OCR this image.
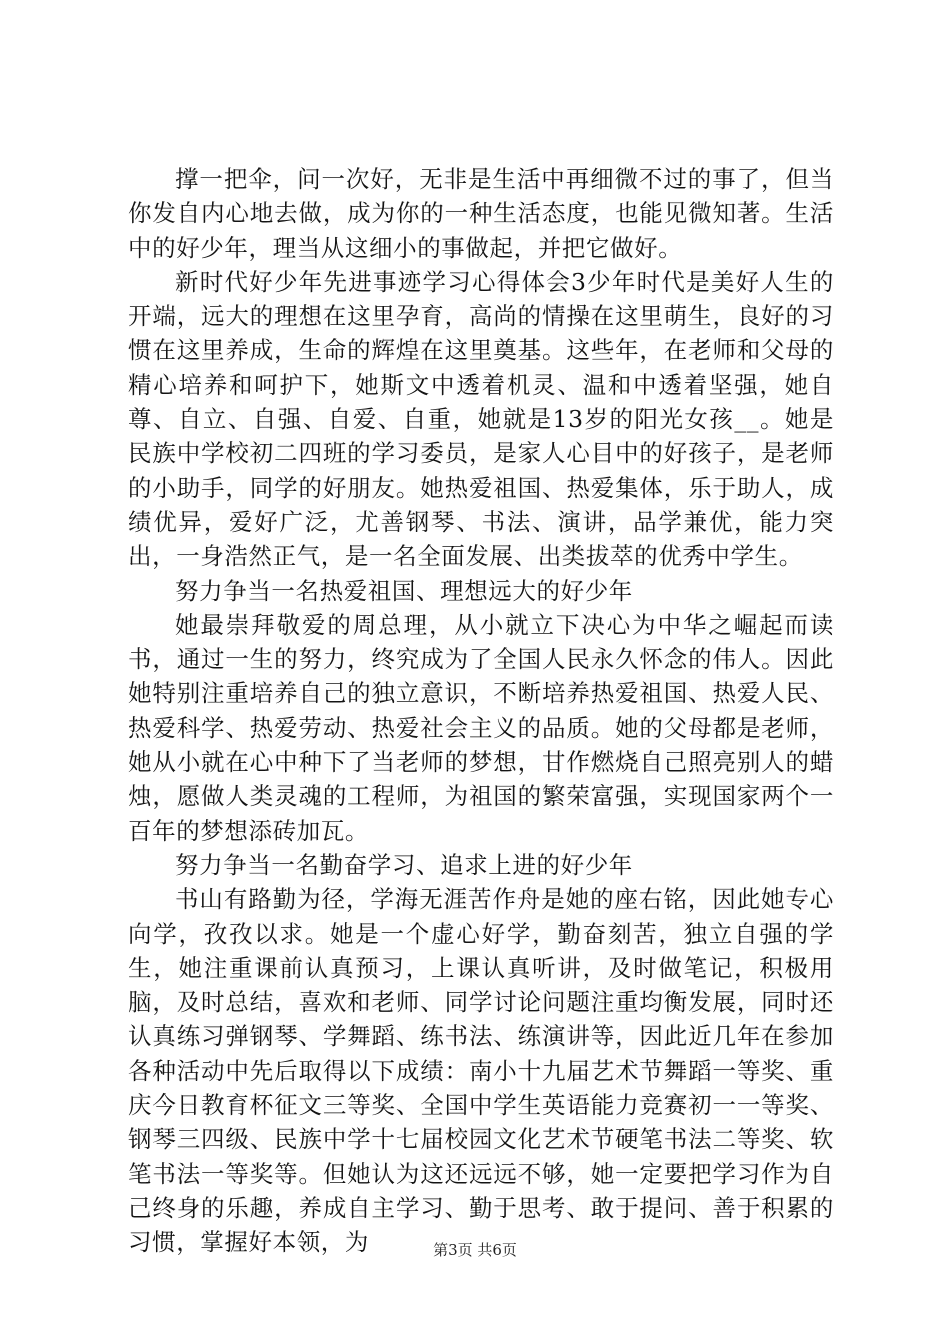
撑一把伞，问一次好，无非是生活中再细微不过的事了，但当你发自内心地去做，成为你的一种生活态度，也能见微知著。生活中的好少年，理当从这细小的事做起，并把它做好。

新时代好少年先进事迹学习心得体会3少年时代是美好人生的开端，远大的理想在这里孕育，高尚的情操在这里萌生，良好的习惯在这里养成，生命的辉煌在这里奠基。这些年，在老师和父母的精心培养和呵护下，她斯文中透着机灵、温和中透着坚强，她自尊、自立、自强、自爱、自重，她就是13岁的阳光女孩__。她是民族中学校初二四班的学习委员，是家人心目中的好孩子，是老师的小助手，同学的好朋友。她热爱祖国、热爱集体，乐于助人，成绩优异，爱好广泛，尤善钢琴、书法、演讲，品学兼优，能力突出，一身浩然正气，是一名全面发展、出类拔萃的优秀中学生。

努力争当一名热爱祖国、理想远大的好少年

她最崇拜敬爱的周总理，从小就立下决心为中华之崛起而读书，通过一生的努力，终究成为了全国人民永久怀念的伟人。因此她特别注重培养自己的独立意识，不断培养热爱祖国、热爱人民、热爱科学、热爱劳动、热爱社会主义的品质。她的父母都是老师，她从小就在心中种下了当老师的梦想，甘作燃烧自己照亮别人的蜡烛，愿做人类灵魂的工程师，为祖国的繁荣富强，实现国家两个一百年的梦想添砖加瓦。

努力争当一名勤奋学习、追求上进的好少年

书山有路勤为径，学海无涯苦作舟是她的座右铭，因此她专心向学，孜孜以求。她是一个虚心好学，勤奋刻苦，独立自强的学生，她注重课前认真预习，上课认真听讲，及时做笔记，积极用脑，及时总结，喜欢和老师、同学讨论问题注重均衡发展，同时还认真练习弹钢琴、学舞蹈、练书法、练演讲等，因此近几年在参加各种活动中先后取得以下成绩：南小十九届艺术节舞蹈一等奖、重庆今日教育杯征文三等奖、全国中学生英语能力竞赛初一一等奖、钢琴三四级、民族中学十七届校园文化艺术节硬笔书法二等奖、软笔书法一等奖等。但她认为这还远远不够，她一定要把学习作为自己终身的乐趣，养成自主学习、勤于思考、敢于提问、善于积累的习惯，掌握好本领，为	第3页 共6页
